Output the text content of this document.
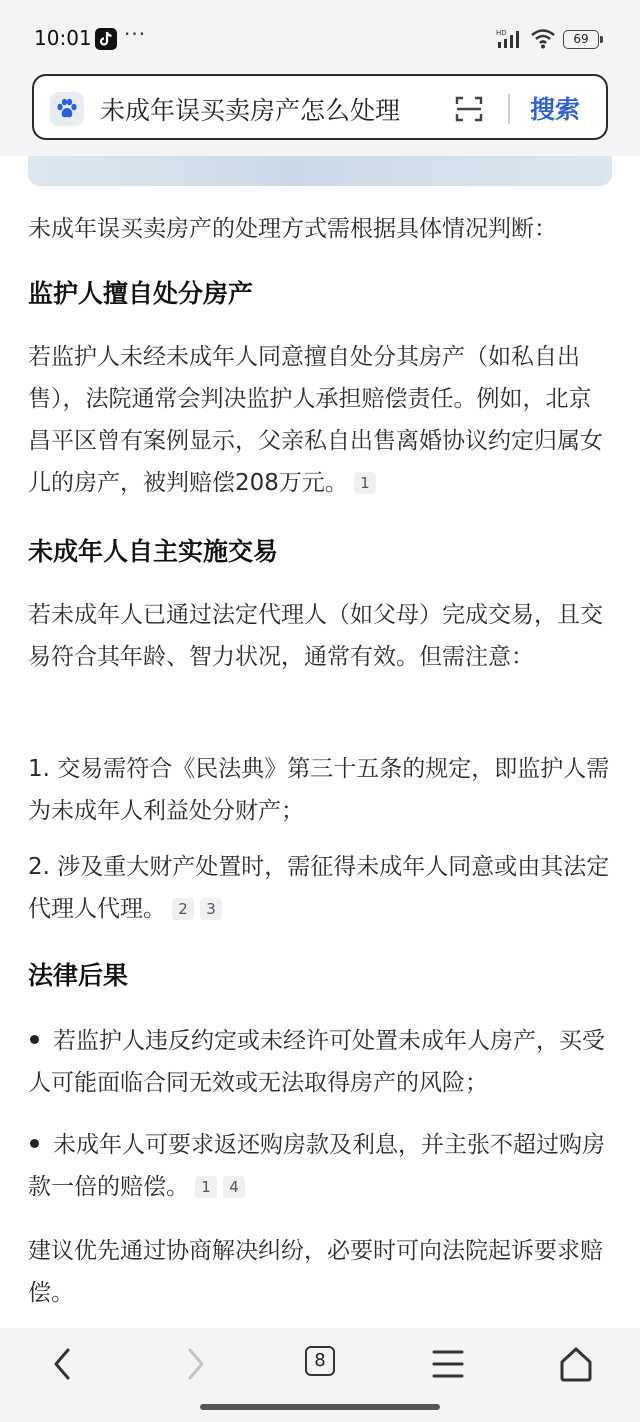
10:01 ···	HD	69
未成年误买卖房产怎么处理	搜索

未成年误买卖房产的处理方式需根据具体情况判断：

监护人擅自处分房产

若监护人未经未成年人同意擅自处分其房产（如私自出售），法院通常会判决监护人承担赔偿责任。例如，北京昌平区曾有案例显示，父亲私自出售离婚协议约定归属女儿的房产，被判赔偿208万元。 1

未成年人自主实施交易

若未成年人已通过法定代理人（如父母）完成交易，且交易符合其年龄、智力状况，通常有效。但需注意：

1. 交易需符合《民法典》第三十五条的规定，即监护人需为未成年人利益处分财产；

2. 涉及重大财产处置时，需征得未成年人同意或由其法定代理人代理。 2 3

法律后果

若监护人违反约定或未经许可处置未成年人房产，买受人可能面临合同无效或无法取得房产的风险；

未成年人可要求返还购房款及利息，并主张不超过购房款一倍的赔偿。 1 4

建议优先通过协商解决纠纷，必要时可向法院起诉要求赔偿。

8
